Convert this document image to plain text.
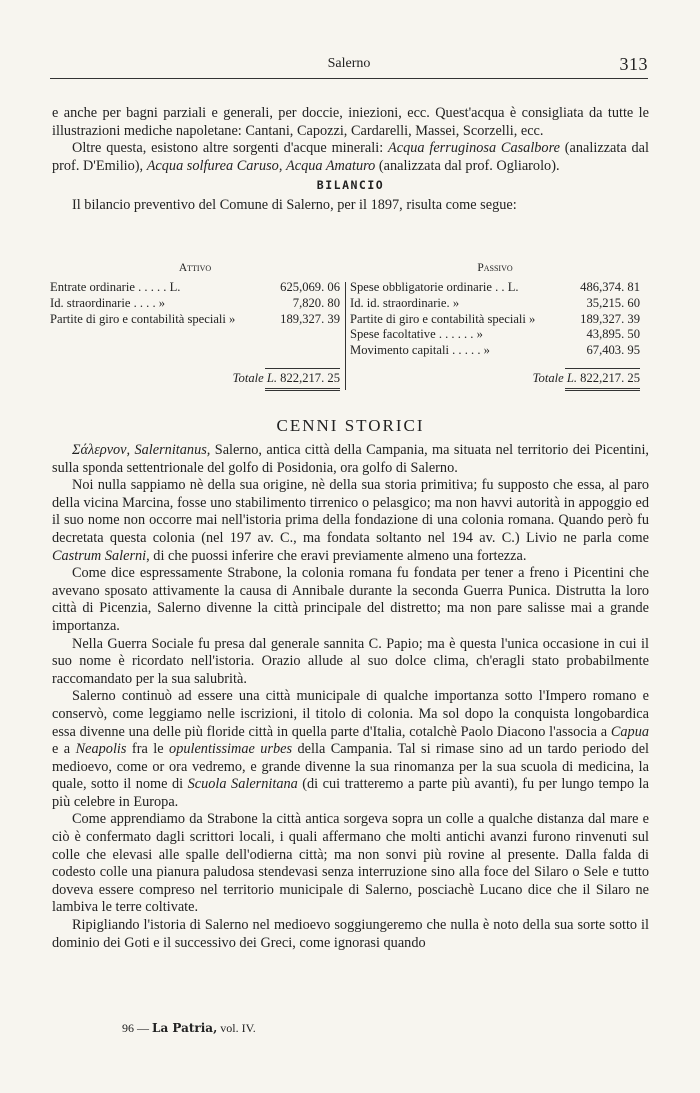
Salerno	313

e anche per bagni parziali e generali, per doccie, iniezioni, ecc. Quest'acqua è consigliata da tutte le illustrazioni mediche napoletane: Cantani, Capozzi, Cardarelli, Massei, Scorzelli, ecc.

Oltre questa, esistono altre sorgenti d'acque minerali: Acqua ferruginosa Casalbore (analizzata dal prof. D'Emilio), Acqua solfurea Caruso, Acqua Amaturo (analizzata dal prof. Ogliarolo).

BILANCIO

Il bilancio preventivo del Comune di Salerno, per il 1897, risulta come segue:

Attivo
Entrate ordinarie . . . . . L.	625,069. 06
Id. straordinarie . . . . »	7,820. 80
Partite di giro e contabilità speciali »	189,327. 39
Passivo
Spese obbligatorie ordinarie . . L.	486,374. 81
Id. id. straordinarie. »	35,215. 60
Partite di giro e contabilità speciali »	189,327. 39
Spese facoltative . . . . . . »	43,895. 50
Movimento capitali . . . . . »	67,403. 95
Totale L. 822,217. 25	Totale L. 822,217. 25
CENNI STORICI

Σάλερνον, Salernitanus, Salerno, antica città della Campania, ma situata nel territorio dei Picentini, sulla sponda settentrionale del golfo di Posidonia, ora golfo di Salerno.

Noi nulla sappiamo nè della sua origine, nè della sua storia primitiva; fu supposto che essa, al paro della vicina Marcina, fosse uno stabilimento tirrenico o pelasgico; ma non havvi autorità in appoggio ed il suo nome non occorre mai nell'istoria prima della fondazione di una colonia romana. Quando però fu decretata questa colonia (nel 197 av. C., ma fondata soltanto nel 194 av. C.) Livio ne parla come Castrum Salerni, di che puossi inferire che eravi previamente almeno una fortezza.

Come dice espressamente Strabone, la colonia romana fu fondata per tener a freno i Picentini che avevano sposato attivamente la causa di Annibale durante la seconda Guerra Punica. Distrutta la loro città di Picenzia, Salerno divenne la città principale del distretto; ma non pare salisse mai a grande importanza.

Nella Guerra Sociale fu presa dal generale sannita C. Papio; ma è questa l'unica occasione in cui il suo nome è ricordato nell'istoria. Orazio allude al suo dolce clima, ch'eragli stato probabilmente raccomandato per la sua salubrità.

Salerno continuò ad essere una città municipale di qualche importanza sotto l'Impero romano e conservò, come leggiamo nelle iscrizioni, il titolo di colonia. Ma sol dopo la conquista longobardica essa divenne una delle più floride città in quella parte d'Italia, cotalchè Paolo Diacono l'associa a Capua e a Neapolis fra le opulentissimae urbes della Campania. Tal si rimase sino ad un tardo periodo del medioevo, come or ora vedremo, e grande divenne la sua rinomanza per la sua scuola di medicina, la quale, sotto il nome di Scuola Salernitana (di cui tratteremo a parte più avanti), fu per lungo tempo la più celebre in Europa.

Come apprendiamo da Strabone la città antica sorgeva sopra un colle a qualche distanza dal mare e ciò è confermato dagli scrittori locali, i quali affermano che molti antichi avanzi furono rinvenuti sul colle che elevasi alle spalle dell'odierna città; ma non sonvi più rovine al presente. Dalla falda di codesto colle una pianura paludosa stendevasi senza interruzione sino alla foce del Silaro o Sele e tutto doveva essere compreso nel territorio municipale di Salerno, posciachè Lucano dice che il Silaro ne lambiva le terre coltivate.

Ripigliando l'istoria di Salerno nel medioevo soggiungeremo che nulla è noto della sua sorte sotto il dominio dei Goti e il successivo dei Greci, come ignorasi quando

96 — La Patria, vol. IV.
